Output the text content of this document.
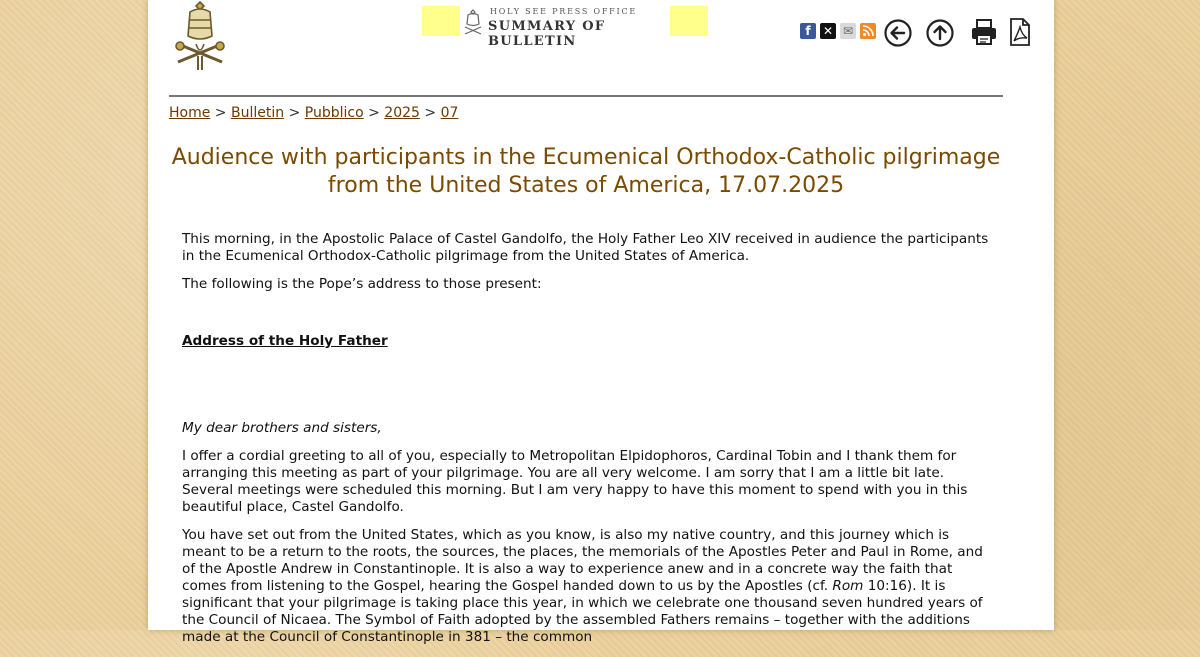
HOLY SEE PRESS OFFICE
SUMMARY OF BULLETIN
f	✕ ✉
Home > Bulletin > Pubblico > 2025 > 07
Audience with participants in the Ecumenical Orthodox-Catholic pilgrimage
from the United States of America, 17.07.2025

This morning, in the Apostolic Palace of Castel Gandolfo, the Holy Father Leo XIV received in audience the participants in the Ecumenical Orthodox-Catholic pilgrimage from the United States of America.

The following is the Pope’s address to those present:

Address of the Holy Father

My dear brothers and sisters,

I offer a cordial greeting to all of you, especially to Metropolitan Elpidophoros, Cardinal Tobin and I thank them for arranging this meeting as part of your pilgrimage. You are all very welcome. I am sorry that I am a little bit late. Several meetings were scheduled this morning. But I am very happy to have this moment to spend with you in this beautiful place, Castel Gandolfo.

You have set out from the United States, which as you know, is also my native country, and this journey which is meant to be a return to the roots, the sources, the places, the memorials of the Apostles Peter and Paul in Rome, and of the Apostle Andrew in Constantinople. It is also a way to experience anew and in a concrete way the faith that comes from listening to the Gospel, hearing the Gospel handed down to us by the Apostles (cf. Rom 10:16). It is significant that your pilgrimage is taking place this year, in which we celebrate one thousand seven hundred years of the Council of Nicaea. The Symbol of Faith adopted by the assembled Fathers remains – together with the additions made at the Council of Constantinople in 381 – the common
